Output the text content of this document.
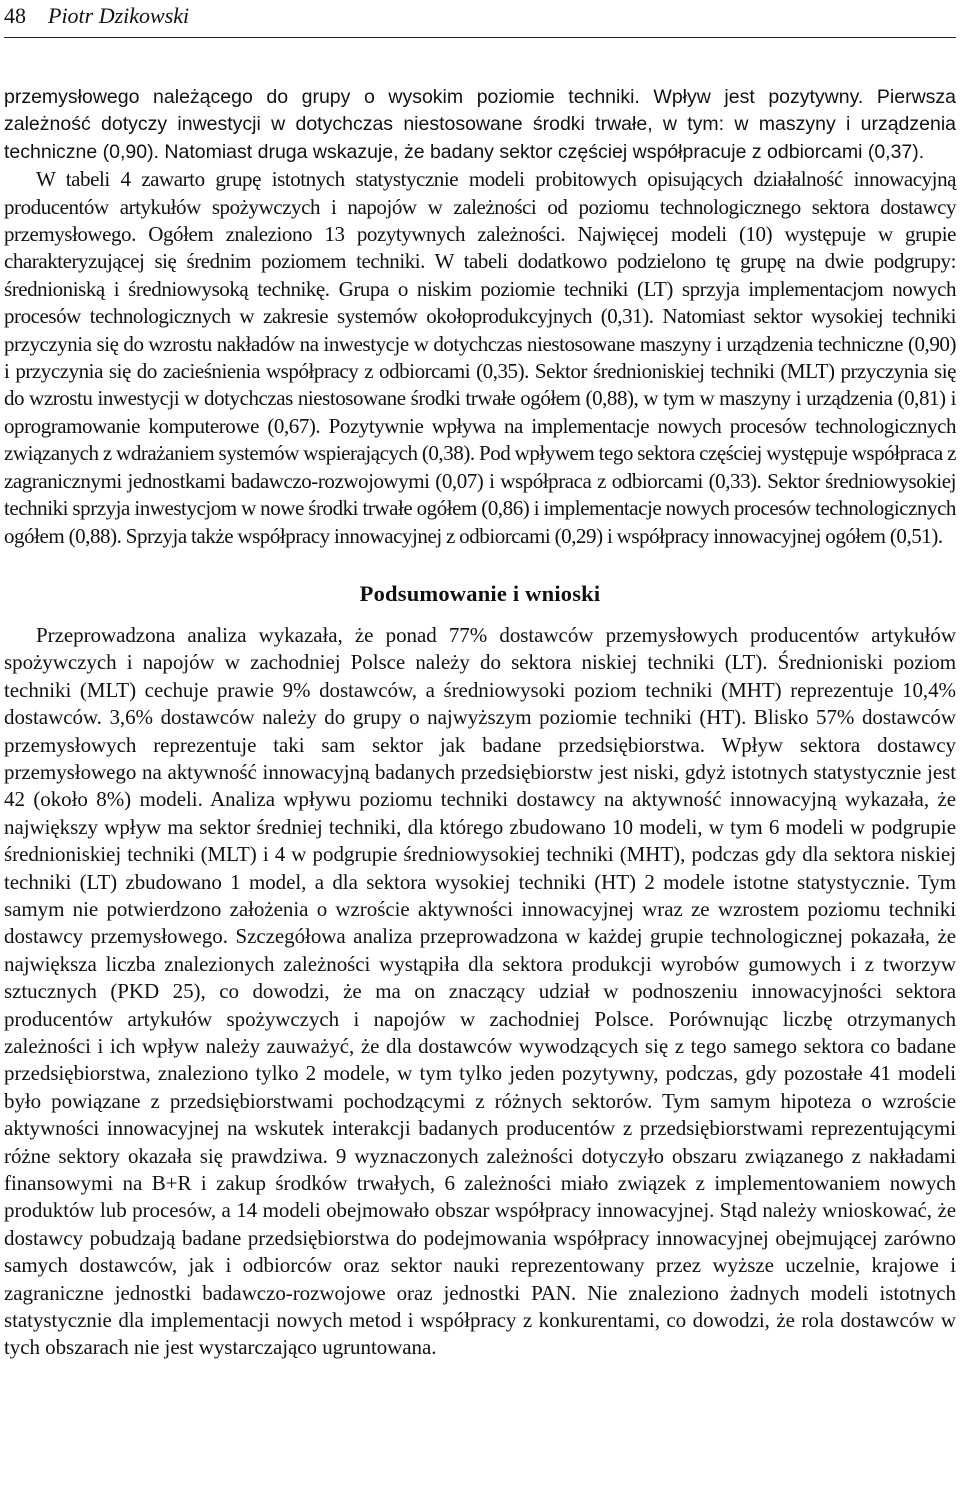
48 Piotr Dzikowski

przemysłowego należącego do grupy o wysokim poziomie techniki. Wpływ jest pozytywny. Pierwsza zależność dotyczy inwestycji w dotychczas niestosowane środki trwałe, w tym: w maszyny i urządzenia techniczne (0,90). Natomiast druga wskazuje, że badany sektor częściej współpracuje z odbiorcami (0,37).

W tabeli 4 zawarto grupę istotnych statystycznie modeli probitowych opisujących działalność innowacyjną producentów artykułów spożywczych i napojów w zależności od poziomu technologicznego sektora dostawcy przemysłowego. Ogółem znaleziono 13 pozytywnych zależności. Najwięcej modeli (10) występuje w grupie charakteryzującej się średnim poziomem techniki. W tabeli dodatkowo podzielono tę grupę na dwie podgrupy: średnioniską i średniowysoką technikę. Grupa o niskim poziomie techniki (LT) sprzyja implementacjom nowych procesów technologicznych w zakresie systemów okołoprodukcyjnych (0,31). Natomiast sektor wysokiej techniki przyczynia się do wzrostu nakładów na inwestycje w dotychczas niestosowane maszyny i urządzenia techniczne (0,90) i przyczynia się do zacieśnienia współpracy z odbiorcami (0,35). Sektor średnioniskiej techniki (MLT) przyczynia się do wzrostu inwestycji w dotychczas niestosowane środki trwałe ogółem (0,88), w tym w maszyny i urządzenia (0,81) i oprogramowanie komputerowe (0,67). Pozytywnie wpływa na implementacje nowych procesów technologicznych związanych z wdrażaniem systemów wspierających (0,38). Pod wpływem tego sektora częściej występuje współpraca z zagranicznymi jednostkami badawczo-rozwojowymi (0,07) i współpraca z odbiorcami (0,33). Sektor średniowysokiej techniki sprzyja inwestycjom w nowe środki trwałe ogółem (0,86) i implementacje nowych procesów technologicznych ogółem (0,88). Sprzyja także współpracy innowacyjnej z odbiorcami (0,29) i współpracy innowacyjnej ogółem (0,51).

Podsumowanie i wnioski

Przeprowadzona analiza wykazała, że ponad 77% dostawców przemysłowych producentów artykułów spożywczych i napojów w zachodniej Polsce należy do sektora niskiej techniki (LT). Średnioniski poziom techniki (MLT) cechuje prawie 9% dostawców, a średniowysoki poziom techniki (MHT) reprezentuje 10,4% dostawców. 3,6% dostawców należy do grupy o najwyższym poziomie techniki (HT). Blisko 57% dostawców przemysłowych reprezentuje taki sam sektor jak badane przedsiębiorstwa. Wpływ sektora dostawcy przemysłowego na aktywność innowacyjną badanych przedsiębiorstw jest niski, gdyż istotnych statystycznie jest 42 (około 8%) modeli. Analiza wpływu poziomu techniki dostawcy na aktywność innowacyjną wykazała, że największy wpływ ma sektor średniej techniki, dla którego zbudowano 10 modeli, w tym 6 modeli w podgrupie średnioniskiej techniki (MLT) i 4 w podgrupie średniowysokiej techniki (MHT), podczas gdy dla sektora niskiej techniki (LT) zbudowano 1 model, a dla sektora wysokiej techniki (HT) 2 modele istotne statystycznie. Tym samym nie potwierdzono założenia o wzroście aktywności innowacyjnej wraz ze wzrostem poziomu techniki dostawcy przemysłowego. Szczegółowa analiza przeprowadzona w każdej grupie technologicznej pokazała, że największa liczba znalezionych zależności wystąpiła dla sektora produkcji wyrobów gumowych i z tworzyw sztucznych (PKD 25), co dowodzi, że ma on znaczący udział w podnoszeniu innowacyjności sektora producentów artykułów spożywczych i napojów w zachodniej Polsce. Porównując liczbę otrzymanych zależności i ich wpływ należy zauważyć, że dla dostawców wywodzących się z tego samego sektora co badane przedsiębiorstwa, znaleziono tylko 2 modele, w tym tylko jeden pozytywny, podczas, gdy pozostałe 41 modeli było powiązane z przedsiębiorstwami pochodzącymi z różnych sektorów. Tym samym hipoteza o wzroście aktywności innowacyjnej na wskutek interakcji badanych producentów z przedsiębiorstwami reprezentującymi różne sektory okazała się prawdziwa. 9 wyznaczonych zależności dotyczyło obszaru związanego z nakładami finansowymi na B+R i zakup środków trwałych, 6 zależności miało związek z implementowaniem nowych produktów lub procesów, a 14 modeli obejmowało obszar współpracy innowacyjnej. Stąd należy wnioskować, że dostawcy pobudzają badane przedsiębiorstwa do podejmowania współpracy innowacyjnej obejmującej zarówno samych dostawców, jak i odbiorców oraz sektor nauki reprezentowany przez wyższe uczelnie, krajowe i zagraniczne jednostki badawczo-rozwojowe oraz jednostki PAN. Nie znaleziono żadnych modeli istotnych statystycznie dla implementacji nowych metod i współpracy z konkurentami, co dowodzi, że rola dostawców w tych obszarach nie jest wystarczająco ugruntowana.
